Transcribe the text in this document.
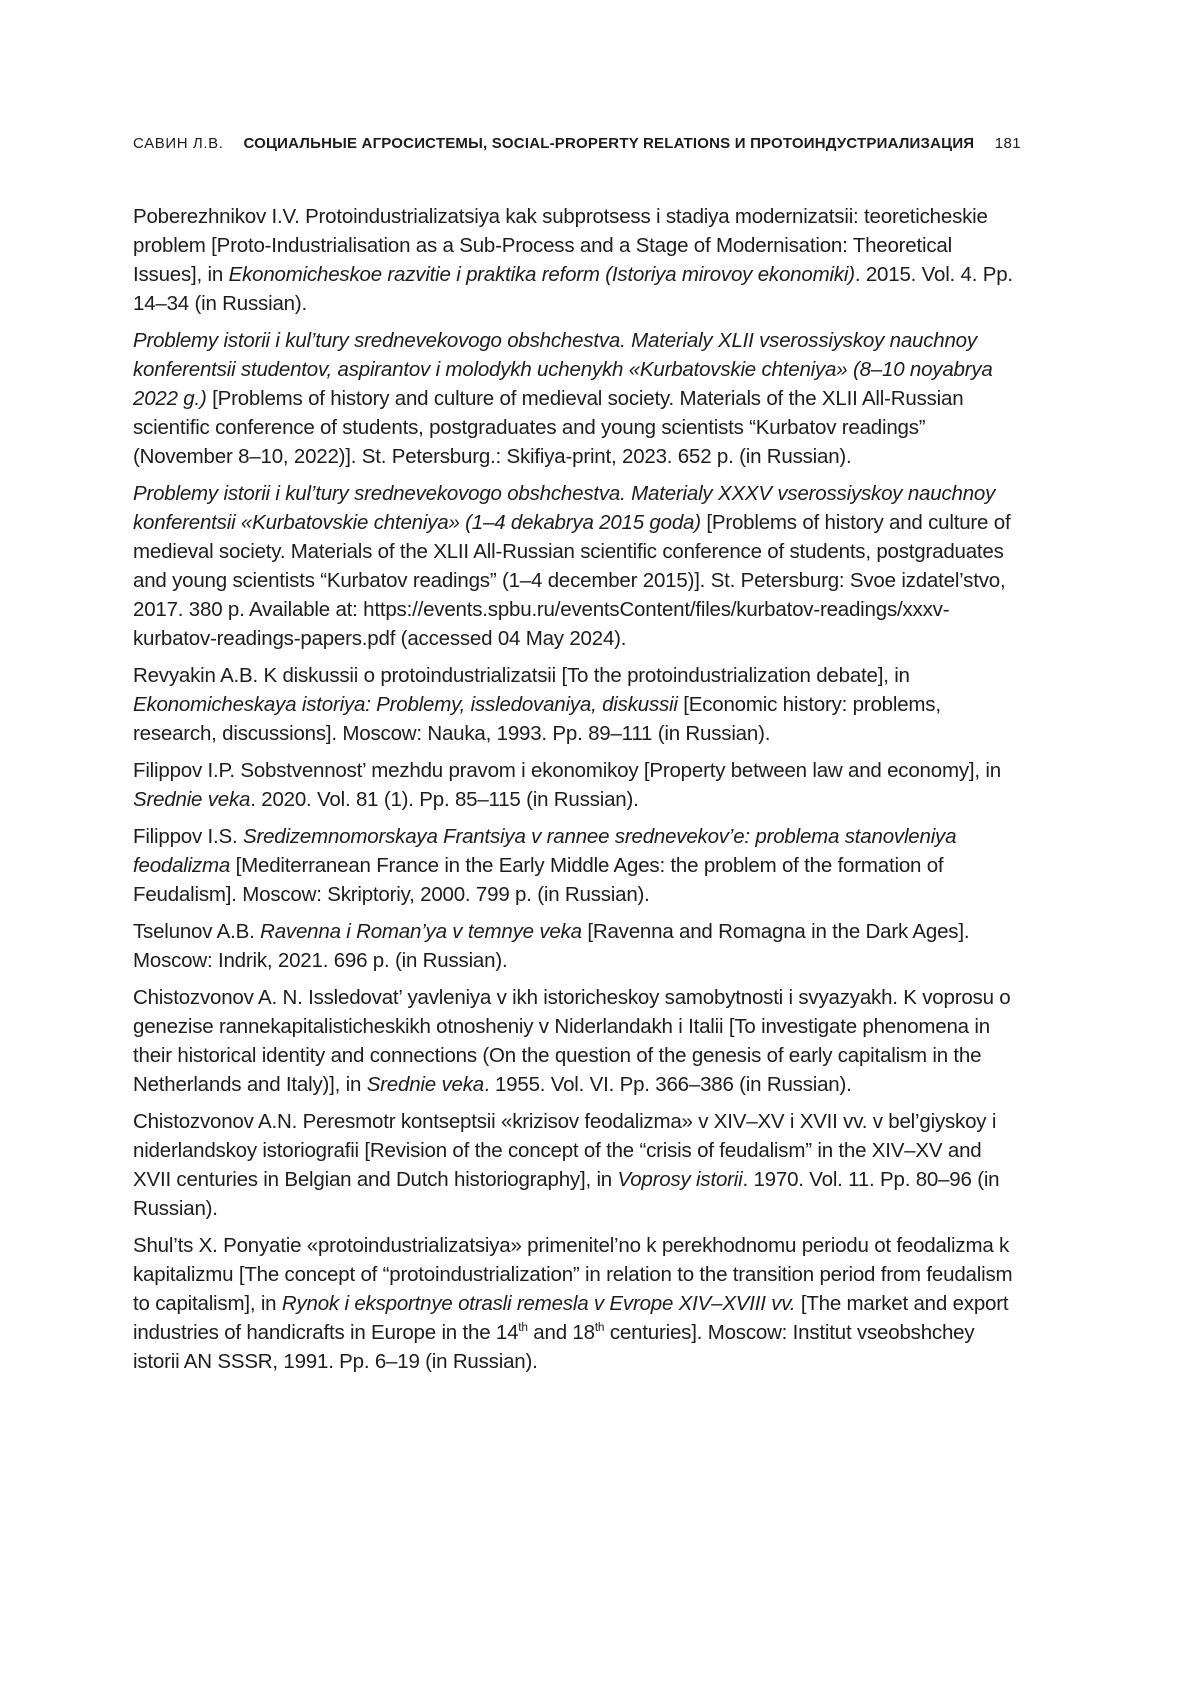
САВИН Л.В. СОЦИАЛЬНЫЕ АГРОСИСТЕМЫ, SOCIAL-PROPERTY RELATIONS И ПРОТОИНДУСТРИАЛИЗАЦИЯ 181

Poberezhnikov I.V. Protoindustrializatsiya kak subprotsess i stadiya modernizatsii: teoreticheskie problem [Proto-Industrialisation as a Sub-Process and a Stage of Modernisation: Theoretical Issues], in Ekonomicheskoe razvitie i praktika reform (Istoriya mirovoy ekonomiki). 2015. Vol. 4. Pp. 14–34 (in Russian).

Problemy istorii i kul’tury srednevekovogo obshchestva. Materialy XLII vserossiyskoy nauchnoy konferentsii studentov, aspirantov i molodykh uchenykh «Kurbatovskie chteniya» (8–10 noyabrya 2022 g.) [Problems of history and culture of medieval society. Materials of the XLII All-Russian scientific conference of students, postgraduates and young scientists “Kurbatov readings” (November 8–10, 2022)]. St. Petersburg.: Skifiya-print, 2023. 652 p. (in Russian).

Problemy istorii i kul’tury srednevekovogo obshchestva. Materialy XXXV vserossiyskoy nauchnoy konferentsii «Kurbatovskie chteniya» (1–4 dekabrya 2015 goda) [Problems of history and culture of medieval society. Materials of the XLII All-Russian scientific conference of students, postgraduates and young scientists “Kurbatov readings” (1–4 december 2015)]. St. Petersburg: Svoe izdatel’stvo, 2017. 380 p. Available at: https://events.spbu.ru/eventsContent/files/kurbatov-readings/xxxv-kurbatov-readings-papers.pdf (accessed 04 May 2024).

Revyakin A.B. K diskussii o protoindustrializatsii [To the protoindustrialization debate], in Ekonomicheskaya istoriya: Problemy, issledovaniya, diskussii [Economic history: problems, research, discussions]. Moscow: Nauka, 1993. Pp. 89–111 (in Russian).

Filippov I.P. Sobstvennost’ mezhdu pravom i ekonomikoy [Property between law and economy], in Srednie veka. 2020. Vol. 81 (1). Pp. 85–115 (in Russian).

Filippov I.S. Sredizemnomorskaya Frantsiya v rannee srednevekov’e: problema stanovleniya feodalizma [Mediterranean France in the Early Middle Ages: the problem of the formation of Feudalism]. Moscow: Skriptoriy, 2000. 799 p. (in Russian).

Tselunov A.B. Ravenna i Roman’ya v temnye veka [Ravenna and Romagna in the Dark Ages]. Moscow: Indrik, 2021. 696 p. (in Russian).

Chistozvonov A. N. Issledovat’ yavleniya v ikh istoricheskoy samobytnosti i svyazyakh. K voprosu o genezise rannekapitalisticheskikh otnosheniy v Niderlandakh i Italii [To investigate phenomena in their historical identity and connections (On the question of the genesis of early capitalism in the Netherlands and Italy)], in Srednie veka. 1955. Vol. VI. Pp. 366–386 (in Russian).

Chistozvonov A.N. Peresmotr kontseptsii «krizisov feodalizma» v XIV–XV i XVII vv. v bel’giyskoy i niderlandskoy istoriografii [Revision of the concept of the “crisis of feudalism” in the XIV–XV and XVII centuries in Belgian and Dutch historiography], in Voprosy istorii. 1970. Vol. 11. Pp. 80–96 (in Russian).

Shul’ts X. Ponyatie «protoindustrializatsiya» primenitel’no k perekhodnomu periodu ot feodalizma k kapitalizmu [The concept of “protoindustrialization” in relation to the transition period from feudalism to capitalism], in Rynok i eksportnye otrasli remesla v Evrope XIV–XVIII vv. [The market and export industries of handicrafts in Europe in the 14th and 18th centuries]. Moscow: Institut vseobshchey istorii AN SSSR, 1991. Pp. 6–19 (in Russian).
